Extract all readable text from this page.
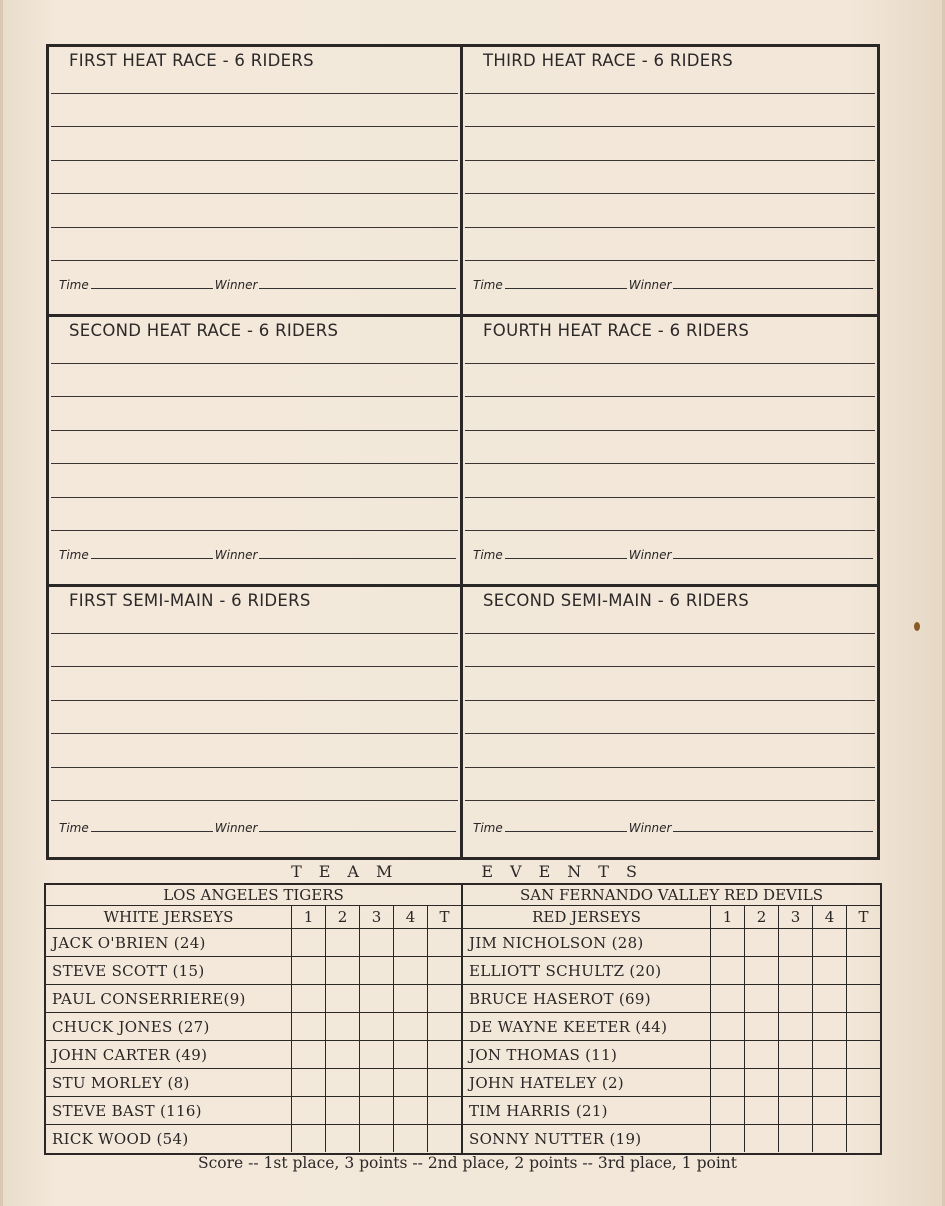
FIRST HEAT RACE - 6 RIDERS
Time	Winner
THIRD HEAT RACE - 6 RIDERS
Time	Winner
SECOND HEAT RACE - 6 RIDERS
Time	Winner
FOURTH HEAT RACE - 6 RIDERS
Time	Winner
FIRST SEMI-MAIN - 6 RIDERS
Time	Winner
SECOND SEMI-MAIN - 6 RIDERS
Time	Winner
TEAM	EVENTS
LOS ANGELES TIGERS
WHITE JERSEYS	1	2	3	4	T
JACK O'BRIEN (24)					
STEVE SCOTT (15)					
PAUL CONSERRIERE(9)					
CHUCK JONES (27)					
JOHN CARTER (49)					
STU MORLEY (8)					
STEVE BAST (116)					
RICK WOOD (54)					
SAN FERNANDO VALLEY RED DEVILS
RED JERSEYS	1	2	3	4	T
JIM NICHOLSON (28)					
ELLIOTT SCHULTZ (20)					
BRUCE HASEROT (69)					
DE WAYNE KEETER (44)					
JON THOMAS (11)					
JOHN HATELEY (2)					
TIM HARRIS (21)					
SONNY NUTTER (19)					
Score -- 1st place, 3 points -- 2nd place, 2 points -- 3rd place, 1 point
